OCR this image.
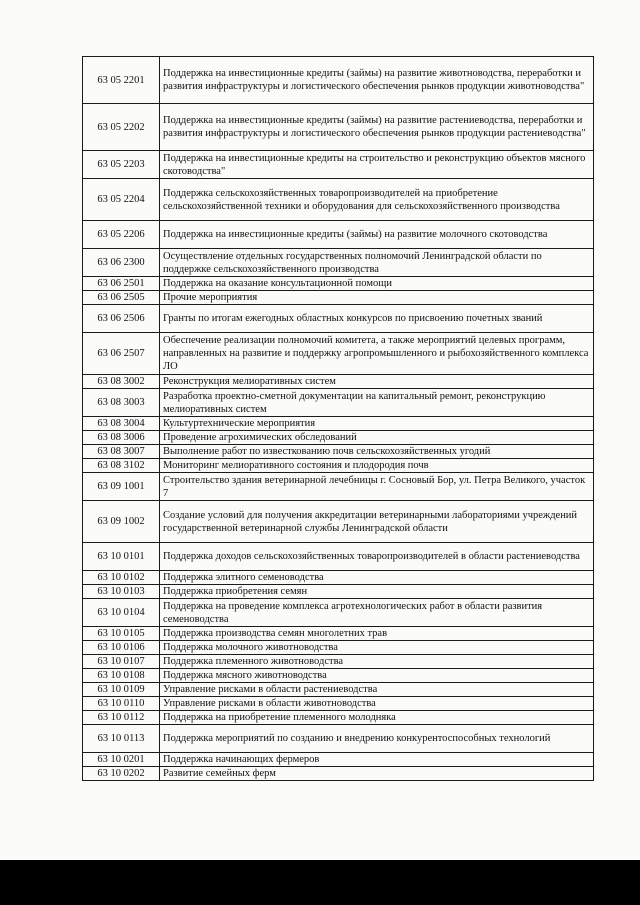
63 05 2201	Поддержка на инвестиционные кредиты (займы) на развитие животноводства, переработки и развития инфраструктуры и логистического обеспечения рынков продукции животноводства"
63 05 2202	Поддержка на инвестиционные кредиты (займы) на развитие растениеводства, переработки и развития инфраструктуры и логистического обеспечения рынков продукции растениеводства"
63 05 2203	Поддержка на инвестиционные кредиты на строительство и реконструкцию объектов мясного скотоводства"
63 05 2204	Поддержка сельскохозяйственных товаропроизводителей на приобретение сельскохозяйственной техники и оборудования для сельскохозяйственного производства
63 05 2206	Поддержка на инвестиционные кредиты (займы) на развитие молочного скотоводства
63 06 2300	Осуществление отдельных государственных полномочий Ленинградской области по поддержке сельскохозяйственного производства
63 06 2501	Поддержка на оказание консультационной помощи
63 06 2505	Прочие мероприятия
63 06 2506	Гранты по итогам ежегодных областных конкурсов по присвоению почетных званий
63 06 2507	Обеспечение реализации полномочий комитета, а также мероприятий целевых программ, направленных на развитие и поддержку агропромышленного и рыбохозяйственного комплекса ЛО
63 08 3002	Реконструкция мелиоративных систем
63 08 3003	Разработка проектно-сметной документации на капитальный ремонт, реконструкцию мелиоративных систем
63 08 3004	Культуртехнические мероприятия
63 08 3006	Проведение агрохимических обследований
63 08 3007	Выполнение работ по известкованию почв сельскохозяйственных угодий
63 08 3102	Мониторинг мелиоративного состояния и плодородия почв
63 09 1001	Строительство здания ветеринарной лечебницы г. Сосновый Бор, ул. Петра Великого, участок 7
63 09 1002	Создание условий для получения аккредитации ветеринарными лабораториями учреждений государственной ветеринарной службы Ленинградской области
63 10 0101	Поддержка доходов сельскохозяйственных товаропроизводителей в области растениеводства
63 10 0102	Поддержка элитного семеноводства
63 10 0103	Поддержка приобретения семян
63 10 0104	Поддержка на проведение комплекса агротехнологических работ в области развития семеноводства
63 10 0105	Поддержка производства семян многолетних трав
63 10 0106	Поддержка молочного животноводства
63 10 0107	Поддержка племенного животноводства
63 10 0108	Поддержка мясного животноводства
63 10 0109	Управление рисками в области растениеводства
63 10 0110	Управление рисками в области животноводства
63 10 0112	Поддержка на приобретение племенного молодняка
63 10 0113	Поддержка мероприятий по созданию и внедрению конкурентоспособных технологий
63 10 0201	Поддержка начинающих фермеров
63 10 0202	Развитие семейных ферм
